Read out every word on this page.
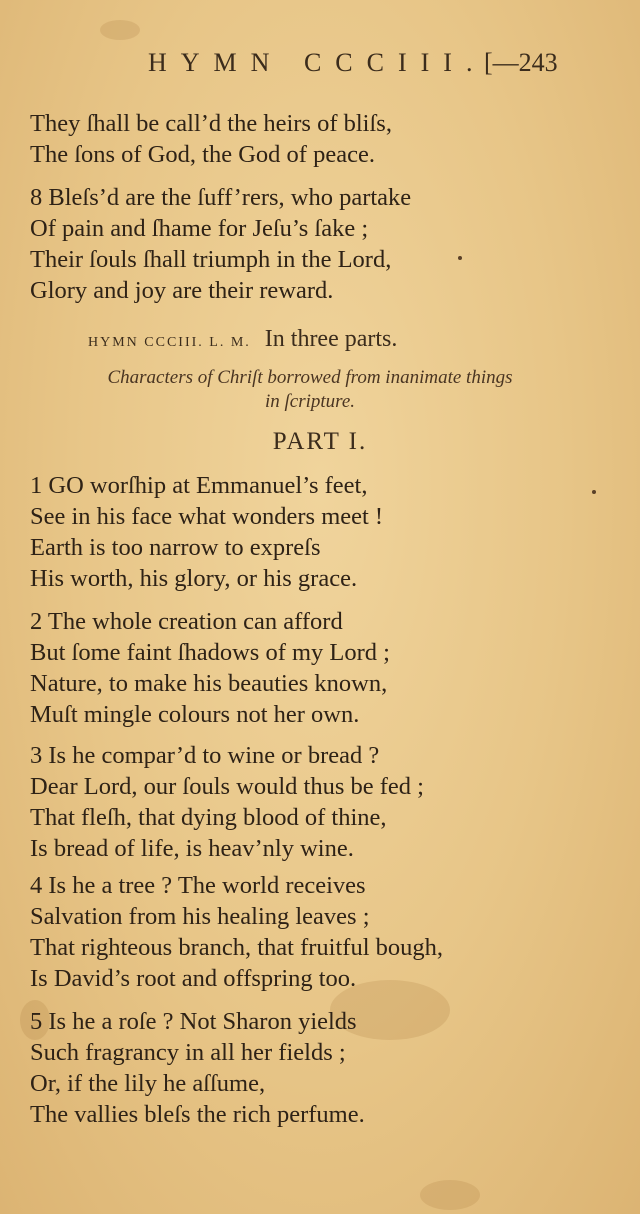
HYMN CCCIII.
[—243
They ſhall be call’d the heirs of bliſs,
The ſons of God, the God of peace.
8 Bleſs’d are the ſuff’rers, who partake
Of pain and ſhame for Jeſu’s ſake ;
Their ſouls ſhall triumph in the Lord,
Glory and joy are their reward.
HYMN CCCIII. L. M. In three parts.
Characters of Chriſt borrowed from inanimate things
in ſcripture.
PART I.
1 GO worſhip at Emmanuel’s feet,
See in his face what wonders meet !
Earth is too narrow to expreſs
His worth, his glory, or his grace.
2 The whole creation can afford
But ſome faint ſhadows of my Lord ;
Nature, to make his beauties known,
Muſt mingle colours not her own.
3 Is he compar’d to wine or bread ?
Dear Lord, our ſouls would thus be fed ;
That fleſh, that dying blood of thine,
Is bread of life, is heav’nly wine.
4 Is he a tree ? The world receives
Salvation from his healing leaves ;
That righteous branch, that fruitful bough,
Is David’s root and offspring too.
5 Is he a roſe ? Not Sharon yields
Such fragrancy in all her fields ;
Or, if the lily he aſſume,
The vallies bleſs the rich perfume.
